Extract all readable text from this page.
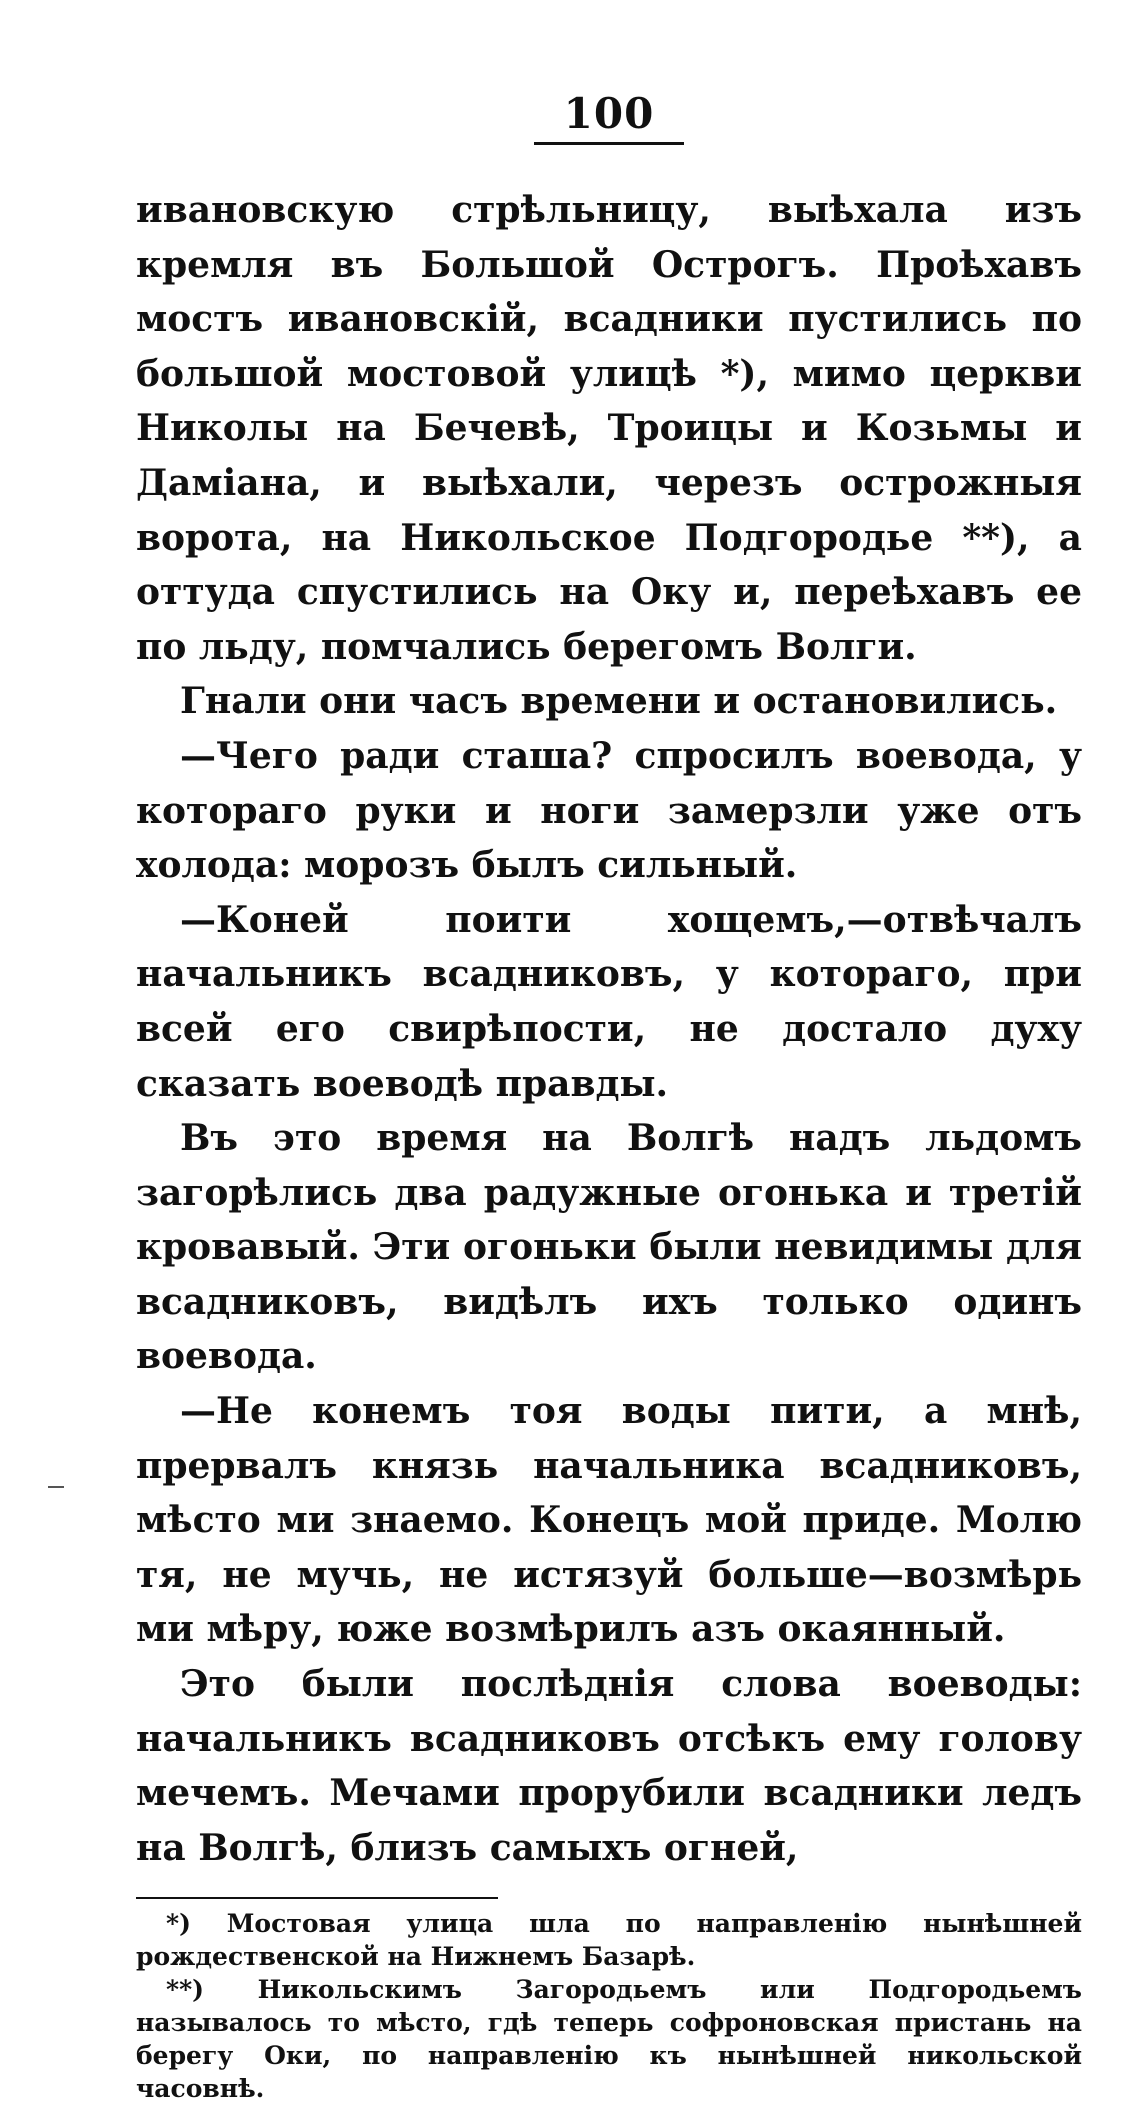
100

ивановскую стрѣльницу, выѣхала изъ кремля въ Большой Острогъ. Проѣхавъ мостъ ивановскій, всадники пустились по большой мостовой улицѣ *), мимо церкви Николы на Бечевѣ, Троицы и Козьмы и Даміана, и выѣхали, черезъ острожныя ворота, на Никольское Подгородье **), а оттуда спустились на Оку и, переѣхавъ ее по льду, помчались берегомъ Волги.

Гнали они часъ времени и остановились.

—Чего ради сташа? спросилъ воевода, у котораго руки и ноги замерзли уже отъ холода: морозъ былъ сильный.

—Коней поити хощемъ,—отвѣчалъ начальникъ всадниковъ, у котораго, при всей его свирѣпости, не достало духу сказать воеводѣ правды.

Въ это время на Волгѣ надъ льдомъ загорѣлись два радужные огонька и третій кровавый. Эти огоньки были невидимы для всадниковъ, видѣлъ ихъ только одинъ воевода.

—Не конемъ тоя воды пити, а мнѣ, прервалъ князь начальника всадниковъ, мѣсто ми знаемо. Конецъ мой приде. Молю тя, не мучь, не истязуй больше—возмѣрь ми мѣру, юже возмѣрилъ азъ окаянный.

Это были послѣднія слова воеводы: начальникъ всадниковъ отсѣкъ ему голову мечемъ. Мечами прорубили всадники ледъ на Волгѣ, близъ самыхъ огней,

*) Мостовая улица шла по направленію нынѣшней рождественской на Нижнемъ Базарѣ.

**) Никольскимъ Загородьемъ или Подгородьемъ называлось то мѣсто, гдѣ теперь софроновская пристань на берегу Оки, по направленію къ нынѣшней никольской часовнѣ.
